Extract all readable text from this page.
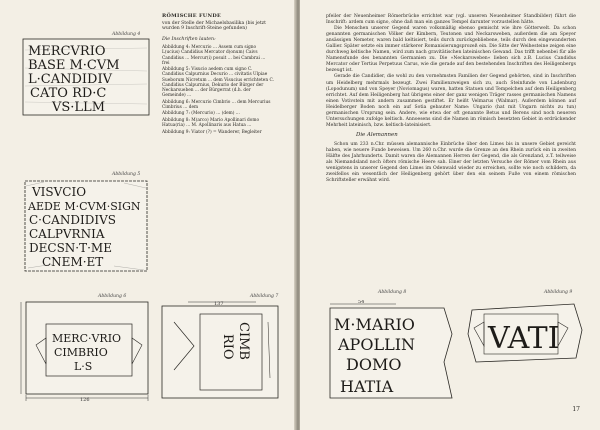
Abbildung 4
MERCVRIO
BASE M·CVM
L·CANDIDIV
CATO RD·C
VS·LLM
Abbildung 5
VISVCIO
AEDE M·CVM·SIGN
C·CANDIDIVS
CALPVRNIA
DECSN·T·ME
CNEM·ET
Abbildung 6
MERC·VRIO
CIMBRIO
L·S
126
Abbildung 7
137
CIMB
RIO

RÖMISCHE FUNDE

von der Stelle der Michaelsbasilika (bis jetzt wurden 9 Inschrift-Steine gefunden)

Die Inschriften lauten:

Abbildung 4: Mercurio ... Assem cum signo L(ucius) Candidius Mercator d(onum) Caivs Candidius ... Mercur(i) posuit ... bei Cambrai ... frei

Abbildung 5: Visucio aedem cum signo C. Candidius Calpurnius Decurio ... civitatis Ulpiae Sueborum Nicretum ... dem Visucius errichteten C. Candidius Calpurnius, Dekurio der Bürger der Neckarsueben ... der Bürgerrat (d.h. der Gemeinde) ...

Abbildung 6: Mercurio Cimbrio ... dem Mercurius Cimbrius ... dem

Abbildung 7: (Mercurio) ... (dem) ...

Abbildung 8: M(arco) Mario Apollinari domo Hatua(ria) ... M. Apollinaris aus Hatua ...

Abbildung 9: Viator (?) = Wanderer, Begleiter

pfeiler der Neuenheimer Römerbrücke errichtet war (vgl. unseren Neuenheimer Standbilder) führt die Inschrift: ardem cum signo, ohne daß man ein ganzes Tempel darunter vorzustellen hätte.

Die Menschen unserer Gegend waren volksmäßig ebenso gemischt wie ihre Götterwelt. Da schon genannten germanischen Völker der Kimbern, Teutonen und Neckarsweben, außerdem die am Speyer ansässigen Nemeter, waren bald keltisiert, teils durch zurückgebliebene, teils durch den eingewanderten Gallier. Später setzte ein immer stärkerer Romanisierungsprozeß ein. Die Sitte der Weihesteine zeigen eine durchweg keltische Namen, wird zum nach gravitätischen lateinischen Gewand. Das trifft nebenbei für alle Namensfunde des benannten Germanien zu. Die »Neckarsweben« lieben sich z.B. Lucius Candidus Mercator oder Tertius Perpetuus Carus, wie die gerade auf den bestehenden Inschriften des Heiligenbergs bezeugt ist.

Gerade die Candidier, die wohl zu den vornehmsten Familien der Gegend gehörten, sind in Inschriften um Heidelberg mehrmals bezeugt. Zwei Familienzweigen sich zu, auch Steinfunde von Ladenburg (Lopodunum) und von Speyer (Noviomagus) waren, hatten Statuen und Tempelchen auf dem Heiligenberg errichtet. Auf dem Heiligenberg hat übrigens einer der ganz wenigen Träger rasses germanischen Namens einen Votivstein mit andern zusammen gestiftet. Er heißt Velmarus (Walmar). Außerdem können auf Heidelberger Boden noch ein auf Sotia gebauter Name: Ungario (hat mit Ungarn nichts zu tun) germanischen Ursprung sein. Andere, wie etwa der oft genannte Betus und Berens sind noch neueren Untersuchungen zufolge keltisch. Annoesens sind die Namen im römisch besetzten Gebiet in erdrückender Mehrheit lateinisch, bzw. keltisch-lateinisiert.

Die Alemannen

Schon um 233 n.Chr. müssen alemannische Einbrüche über den Limes bis in unsere Gebiet gereicht haben, wie neuere Funde beweisen. Um 260 n.Chr. wurde die Grenze an den Rhein zurück ein in zweiten Hälfte des Jahrhunderts. Damit waren die Alemannen Herren der Gegend, die als Grenzland, z.T. teilweise als Niemandsland noch öfters römische Heere sah. Einer der letzten Versuche der Römer vom Rhein aus wenigstens in unserer Gegend den Limes im Odenwald wieder zu erreichen, sollte wie noch schildern, da zweifellos ein wesentlich der Heiligenberg gehört über den ein seinem Fuße von einem römischen Schriftsteller erwähnt wird.

Abbildung 8
54
M·MARIO
APOLLIN
DOMO
HATIA
Abbildung 9
VATI
17
